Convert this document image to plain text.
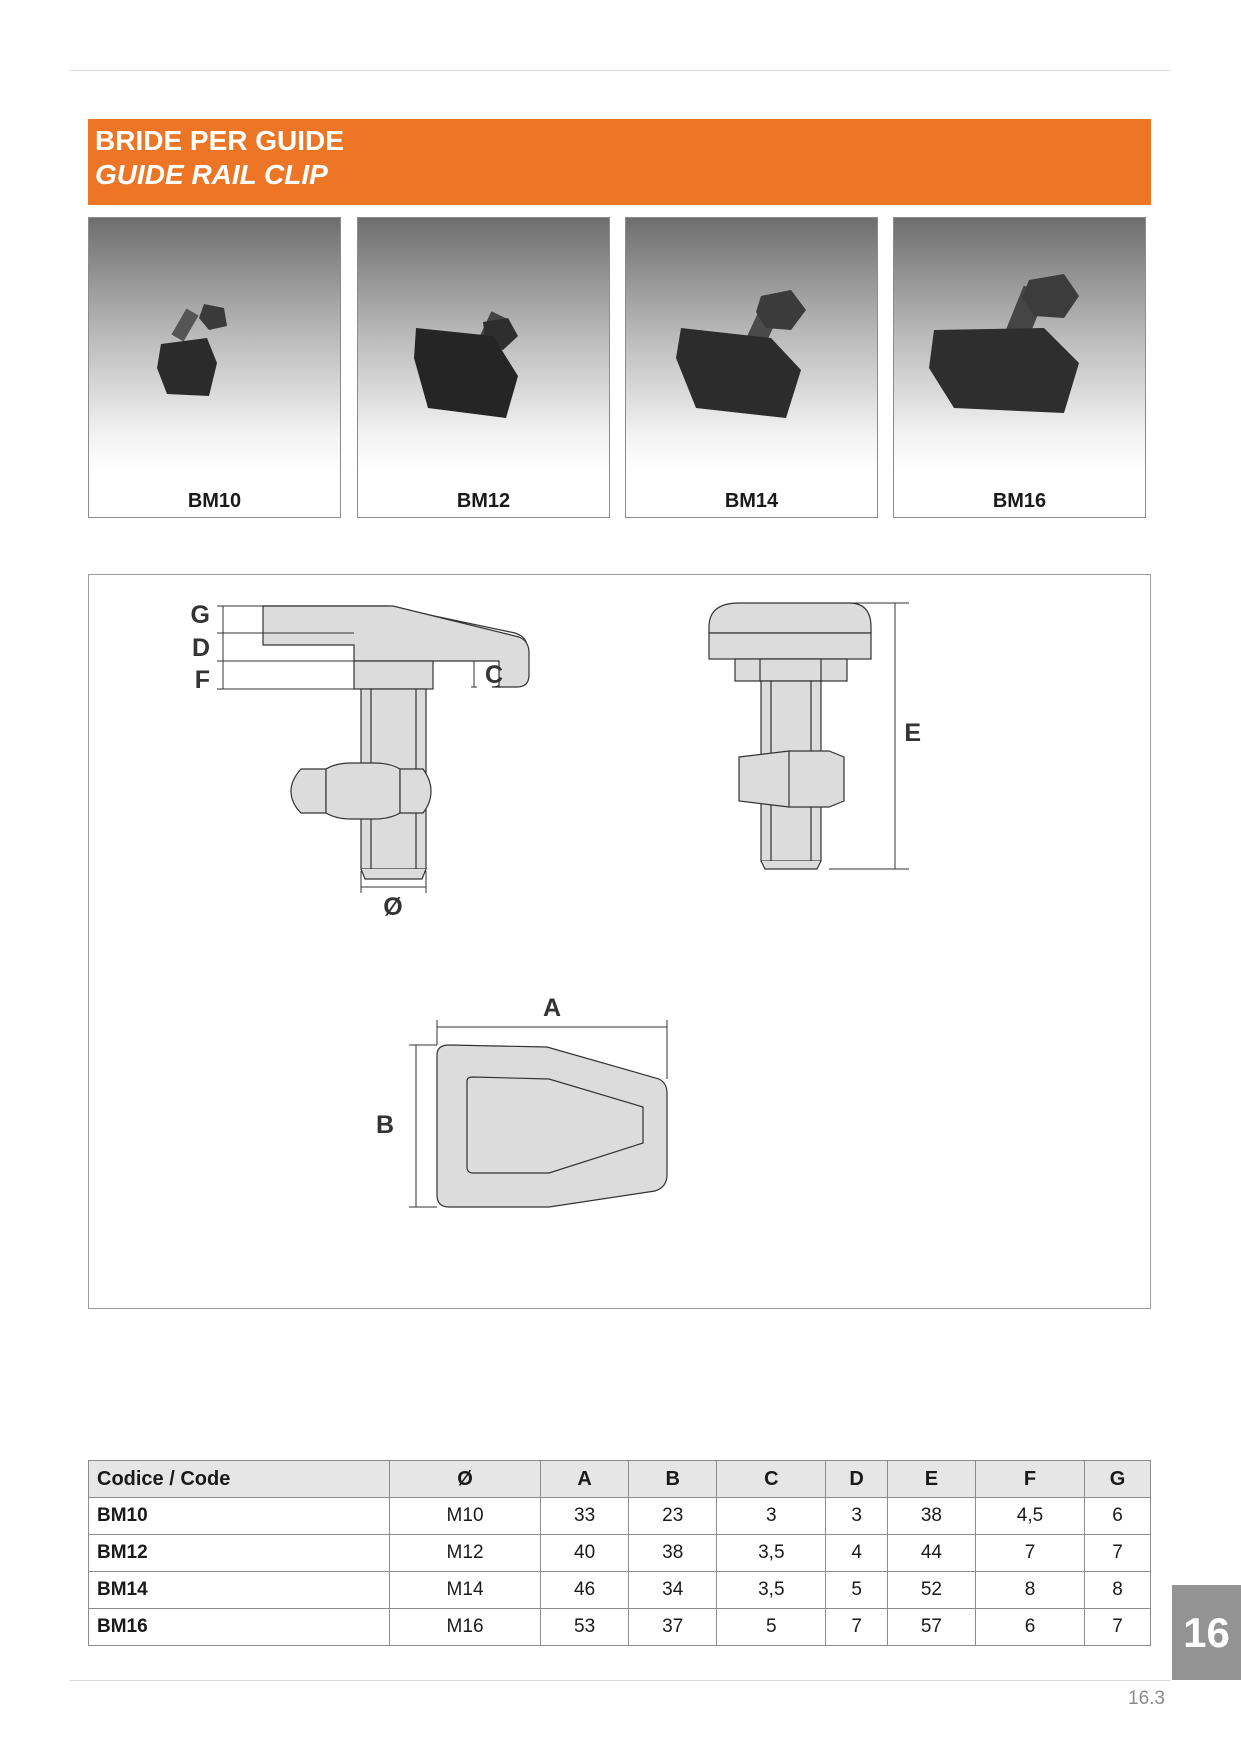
BRIDE PER GUIDE
GUIDE RAIL CLIP
BM10	BM12	BM14	BM16
G
D
F	C
E
Ø
A
B
Codice / Code	Ø	A	B	C	D	E	F	G
BM10	M10	33	23	3	3	38	4,5	6
BM12	M12	40	38	3,5	4	44	7	7
BM14	M14	46	34	3,5	5	52	8	8
BM16	M16	53	37	5	7	57	6	7 16
16.3
